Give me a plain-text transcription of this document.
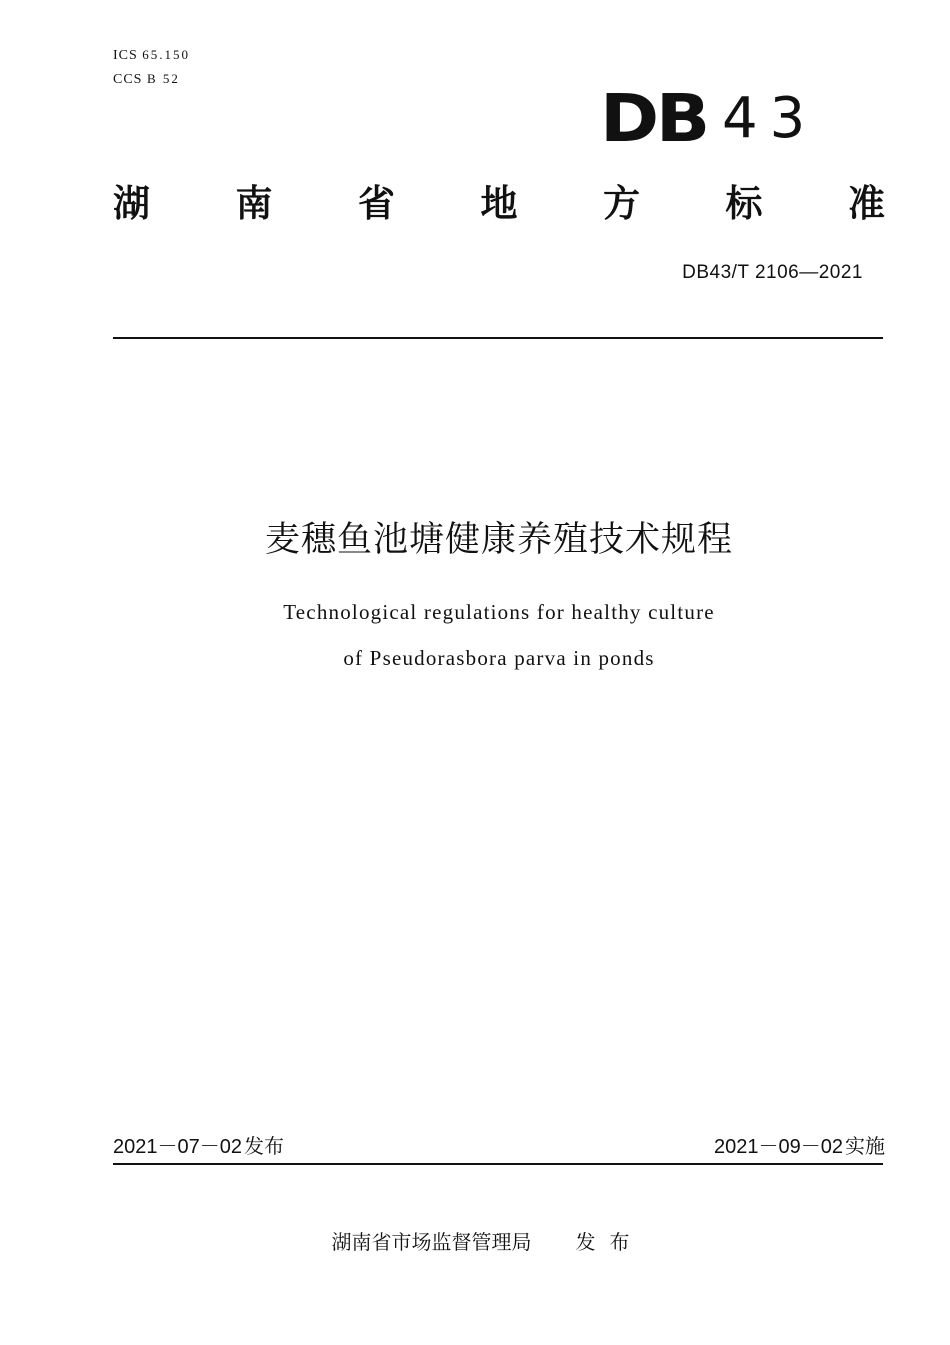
ICS 65.150
CCS B 52
DB 43
湖 南 省 地 方 标 准
DB43/T 2106—2021
麦穗鱼池塘健康养殖技术规程
Technological regulations for healthy culture
of Pseudorasbora parva in ponds
2021－07－02 发布	2021－09－02 实施
湖南省市场监督管理局 发布
